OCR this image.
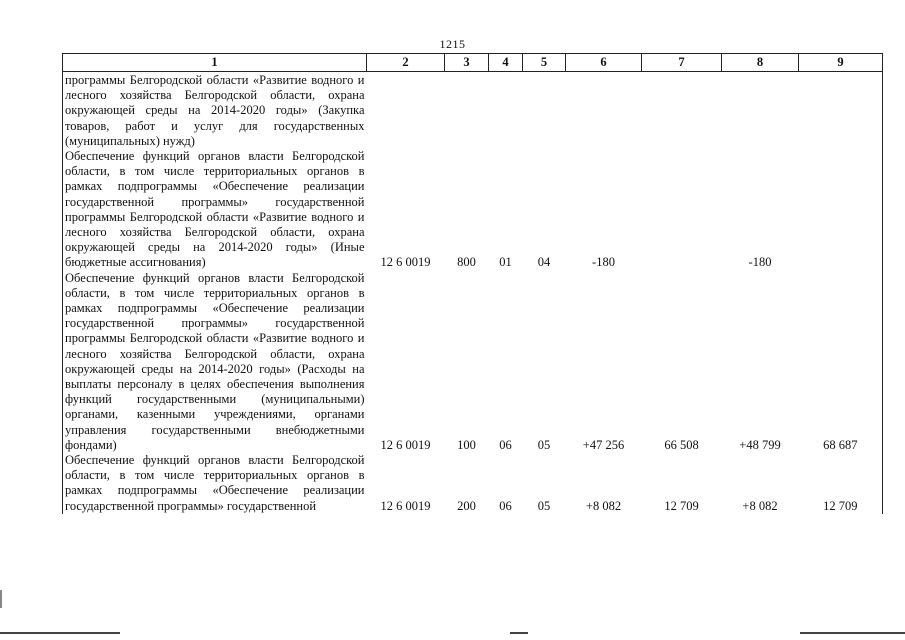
1215
1	2	3	4	5	6	7	8	9
программы Белгородской области «Развитие водного и лесного хозяйства Белгородской области, охрана окружающей среды на 2014-2020 годы» (Закупка товаров, работ и услуг для государственных (муниципальных) нужд)								
Обеспечение функций органов власти Белгородской области, в том числе территориальных органов в рамках подпрограммы «Обеспечение реализации государственной программы» государственной программы Белгородской области «Развитие водного и лесного хозяйства Белгородской области, охрана окружающей среды на 2014-2020 годы» (Иные бюджетные ассигнования)	12 6 0019	800	01	04	-180		-180	
Обеспечение функций органов власти Белгородской области, в том числе территориальных органов в рамках подпрограммы «Обеспечение реализации государственной программы» государственной программы Белгородской области «Развитие водного и лесного хозяйства Белгородской области, охрана окружающей среды на 2014-2020 годы» (Расходы на выплаты персоналу в целях обеспечения выполнения функций государственными (муниципальными) органами, казенными учреждениями, органами управления государственными внебюджетными фондами)	12 6 0019	100	06	05	+47 256	66 508	+48 799	68 687
Обеспечение функций органов власти Белгородской области, в том числе территориальных органов в рамках подпрограммы «Обеспечение реализации государственной программы» государственной	12 6 0019	200	06	05	+8 082	12 709	+8 082	12 709
